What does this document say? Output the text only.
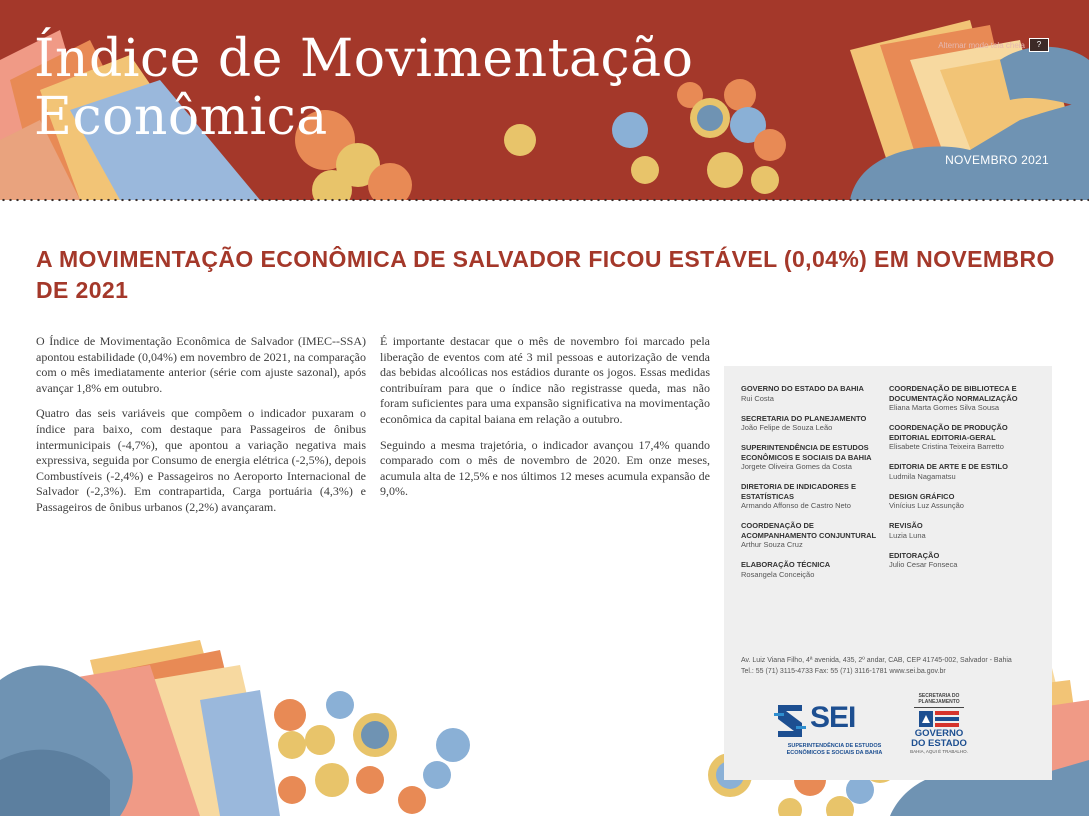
Índice de Movimentação
Econômica
Alternar modo tela cheia	?
NOVEMBRO 2021
A MOVIMENTAÇÃO ECONÔMICA DE SALVADOR FICOU ESTÁVEL (0,04%) EM NOVEMBRO DE 2021

O Índice de Movimentação Econômica de Salvador (IMEC--SSA) apontou estabilidade (0,04%) em novembro de 2021, na comparação com o mês imediatamente anterior (série com ajuste sazonal), após avançar 1,8% em outubro.

Quatro das seis variáveis que compõem o indicador puxaram o índice para baixo, com destaque para Passageiros de ônibus intermunicipais (-4,7%), que apontou a variação negativa mais expressiva, seguida por Consumo de energia elétrica (-2,5%), depois Combustíveis (-2,4%) e Passageiros no Aeroporto Internacional de Salvador (-2,3%). Em contrapartida, Carga portuária (4,3%) e Passageiros de ônibus urbanos (2,2%) avançaram.

É importante destacar que o mês de novembro foi marcado pela liberação de eventos com até 3 mil pessoas e autorização de venda das bebidas alcoólicas nos estádios durante os jogos. Essas medidas contribuíram para que o índice não registrasse queda, mas não foram suficientes para uma expansão significativa na movimentação econômica da capital baiana em relação a outubro.

Seguindo a mesma trajetória, o indicador avançou 17,4% quando comparado com o mês de novembro de 2020. Em onze meses, acumula alta de 12,5% e nos últimos 12 meses acumula expansão de 9,0%.

GOVERNO DO ESTADO DA BAHIA
Rui Costa
SECRETARIA DO PLANEJAMENTO
João Felipe de Souza Leão
SUPERINTENDÊNCIA DE ESTUDOS ECONÔMICOS E SOCIAIS DA BAHIA
Jorgete Oliveira Gomes da Costa
DIRETORIA DE INDICADORES E ESTATÍSTICAS
Armando Affonso de Castro Neto
COORDENAÇÃO DE ACOMPANHAMENTO CONJUNTURAL
Arthur Souza Cruz
ELABORAÇÃO TÉCNICA
Rosangela Conceição
COORDENAÇÃO DE BIBLIOTECA E DOCUMENTAÇÃO NORMALIZAÇÃO
Eliana Marta Gomes Silva Sousa
COORDENAÇÃO DE PRODUÇÃO EDITORIAL EDITORIA-GERAL
Elisabete Cristina Teixeira Barretto
EDITORIA DE ARTE E DE ESTILO
Ludmila Nagamatsu
DESIGN GRÁFICO
Vinícius Luz Assunção
REVISÃO
Luzia Luna
EDITORAÇÃO
Julio Cesar Fonseca
Av. Luiz Viana Filho, 4ª avenida, 435, 2º andar, CAB, CEP 41745-002, Salvador - Bahia
Tel.: 55 (71) 3115-4733 Fax: 55 (71) 3116-1781 www.sei.ba.gov.br
SEI
SUPERINTENDÊNCIA DE ESTUDOS ECONÔMICOS E SOCIAIS DA BAHIA
SECRETARIA DO PLANEJAMENTO
GOVERNO
DO ESTADO
BAHIA, AQUI É TRABALHO.
